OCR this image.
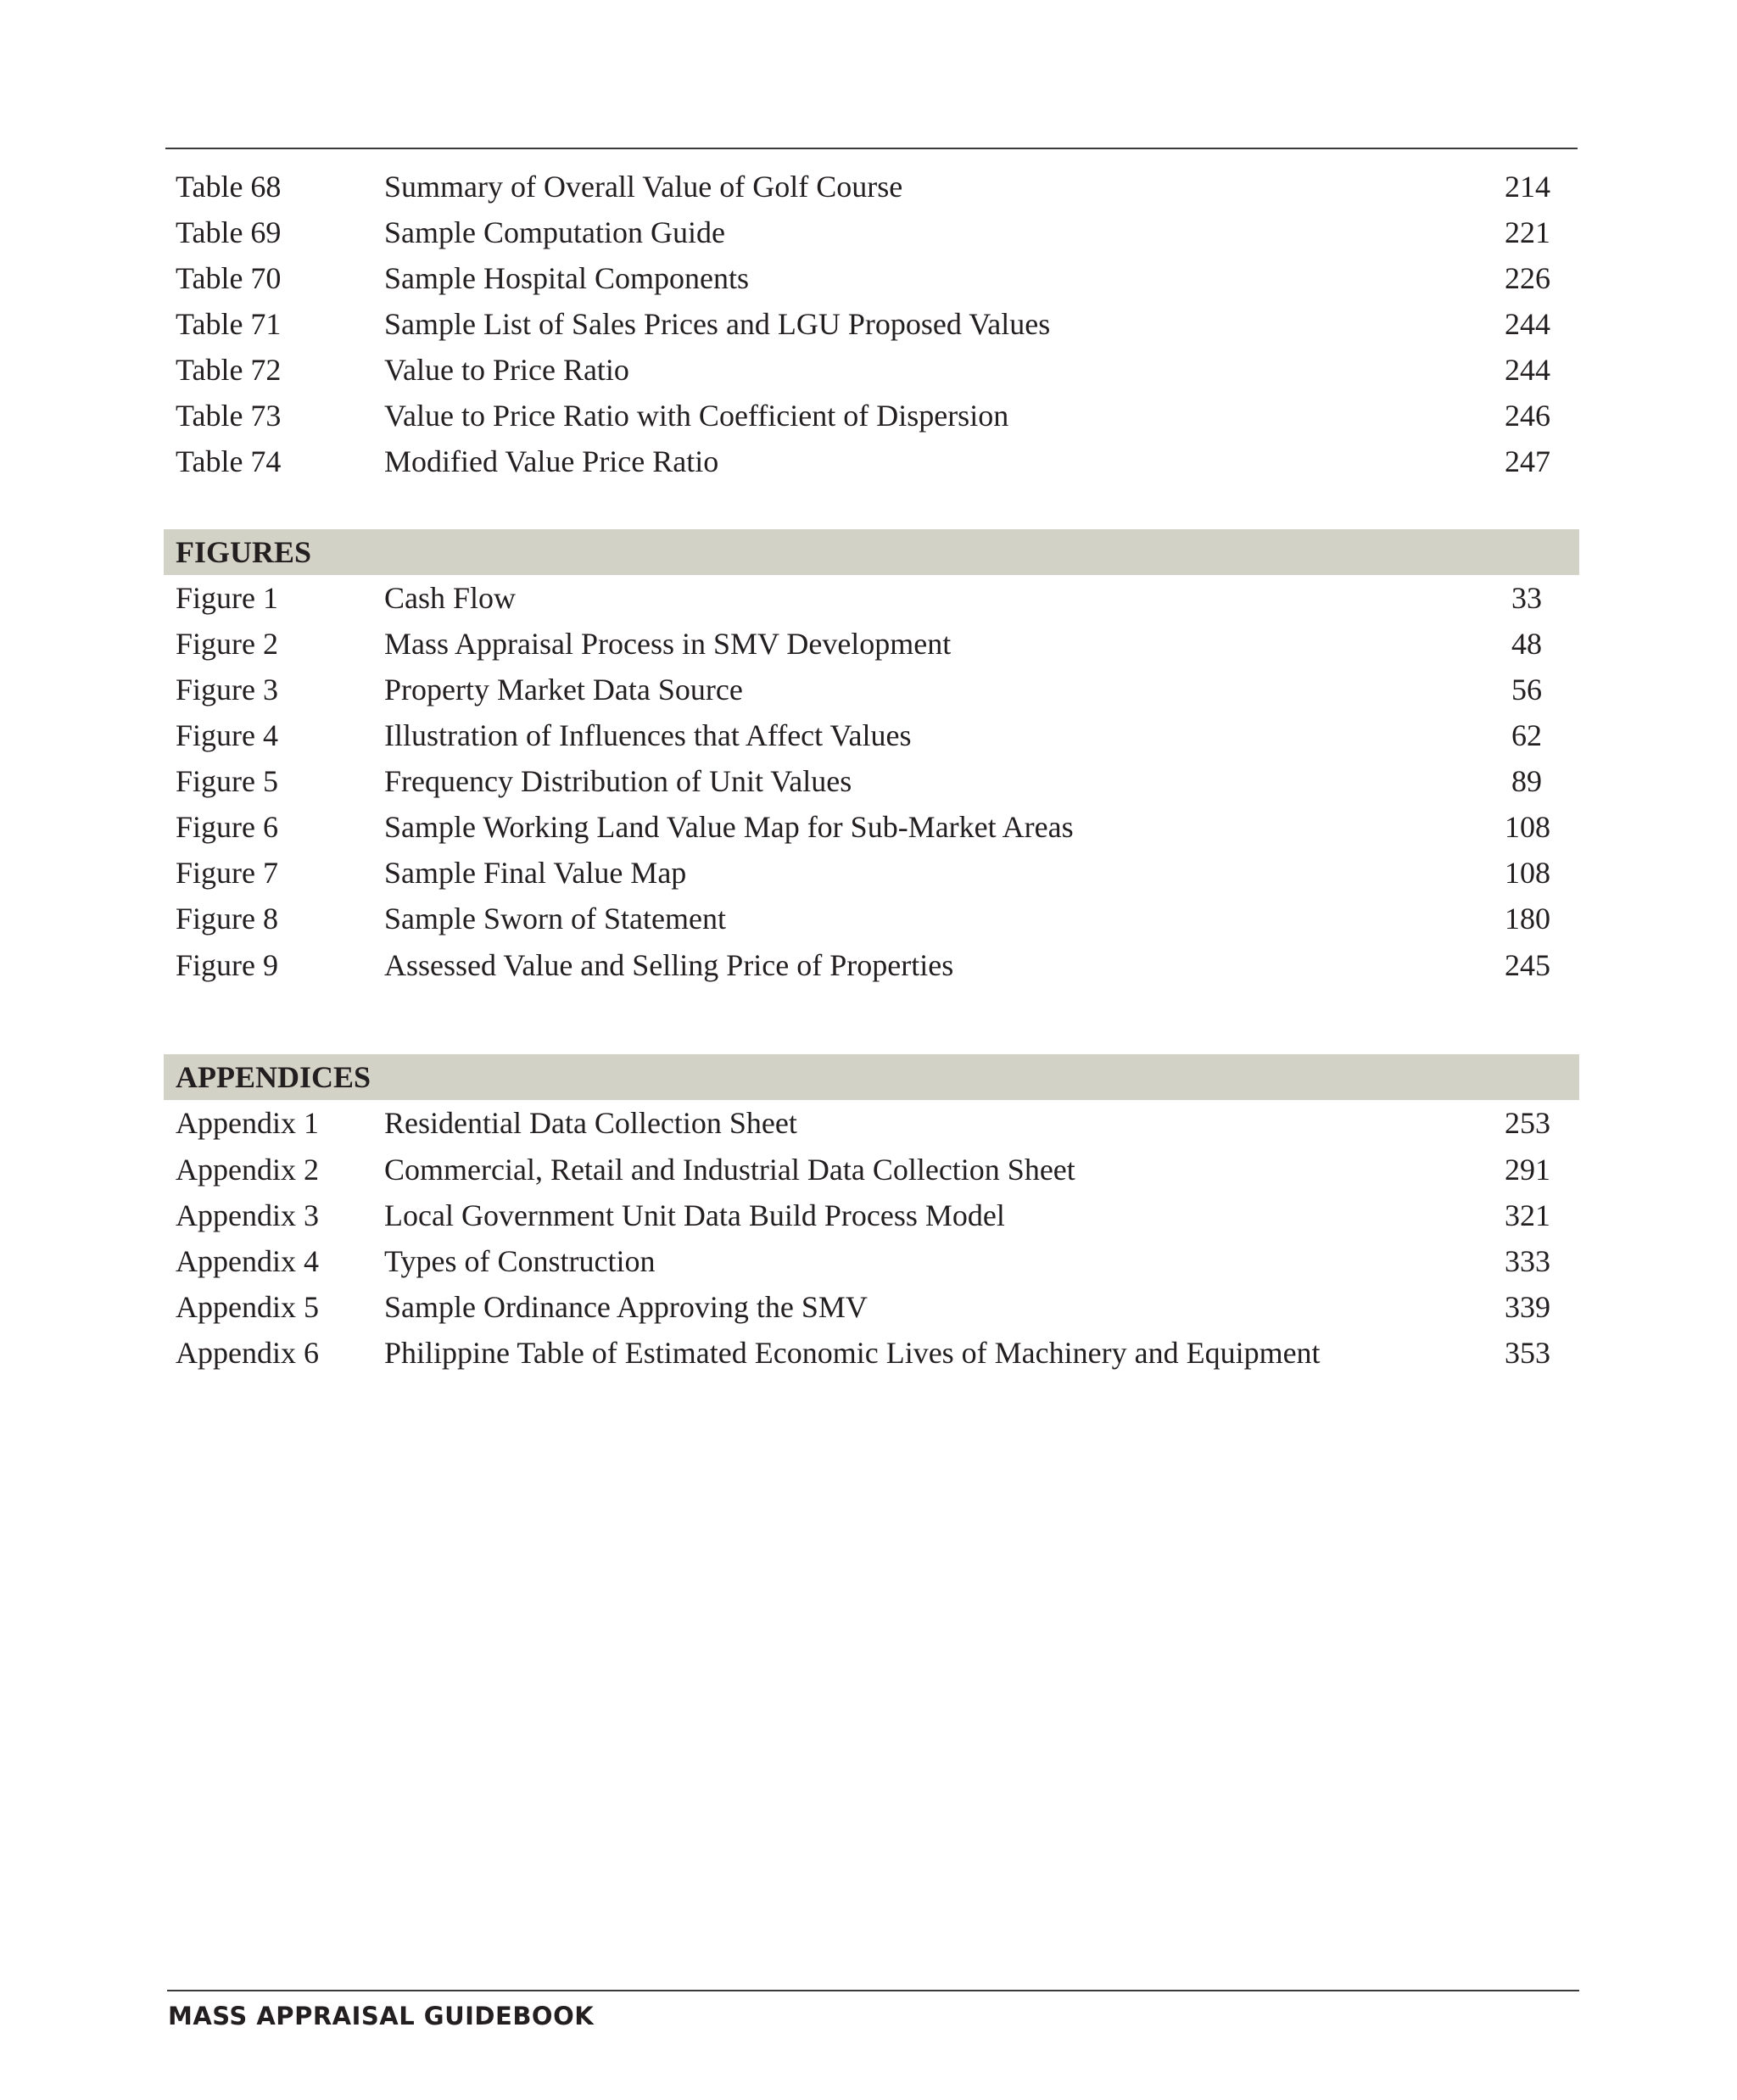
Table 68	Summary of Overall Value of Golf Course	214
Table 69	Sample Computation Guide	221
Table 70	Sample Hospital Components	226
Table 71	Sample List of Sales Prices and LGU Proposed Values	244
Table 72	Value to Price Ratio	244
Table 73	Value to Price Ratio with Coefficient of Dispersion	246
Table 74	Modified Value Price Ratio	247
FIGURES
Figure 1	Cash Flow	33
Figure 2	Mass Appraisal Process in SMV Development	48
Figure 3	Property Market Data Source	56
Figure 4	Illustration of Influences that Affect Values	62
Figure 5	Frequency Distribution of Unit Values	89
Figure 6	Sample Working Land Value Map for Sub-Market Areas	108
Figure 7	Sample Final Value Map	108
Figure 8	Sample Sworn of Statement	180
Figure 9	Assessed Value and Selling Price of Properties	245
APPENDICES
Appendix 1 Residential Data Collection Sheet	253
Appendix 2 Commercial, Retail and Industrial Data Collection Sheet	291
Appendix 3 Local Government Unit Data Build Process Model	321
Appendix 4 Types of Construction	333
Appendix 5 Sample Ordinance Approving the SMV	339
Appendix 6 Philippine Table of Estimated Economic Lives of Machinery and Equipment	353
MASS APPRAISAL GUIDEBOOK
